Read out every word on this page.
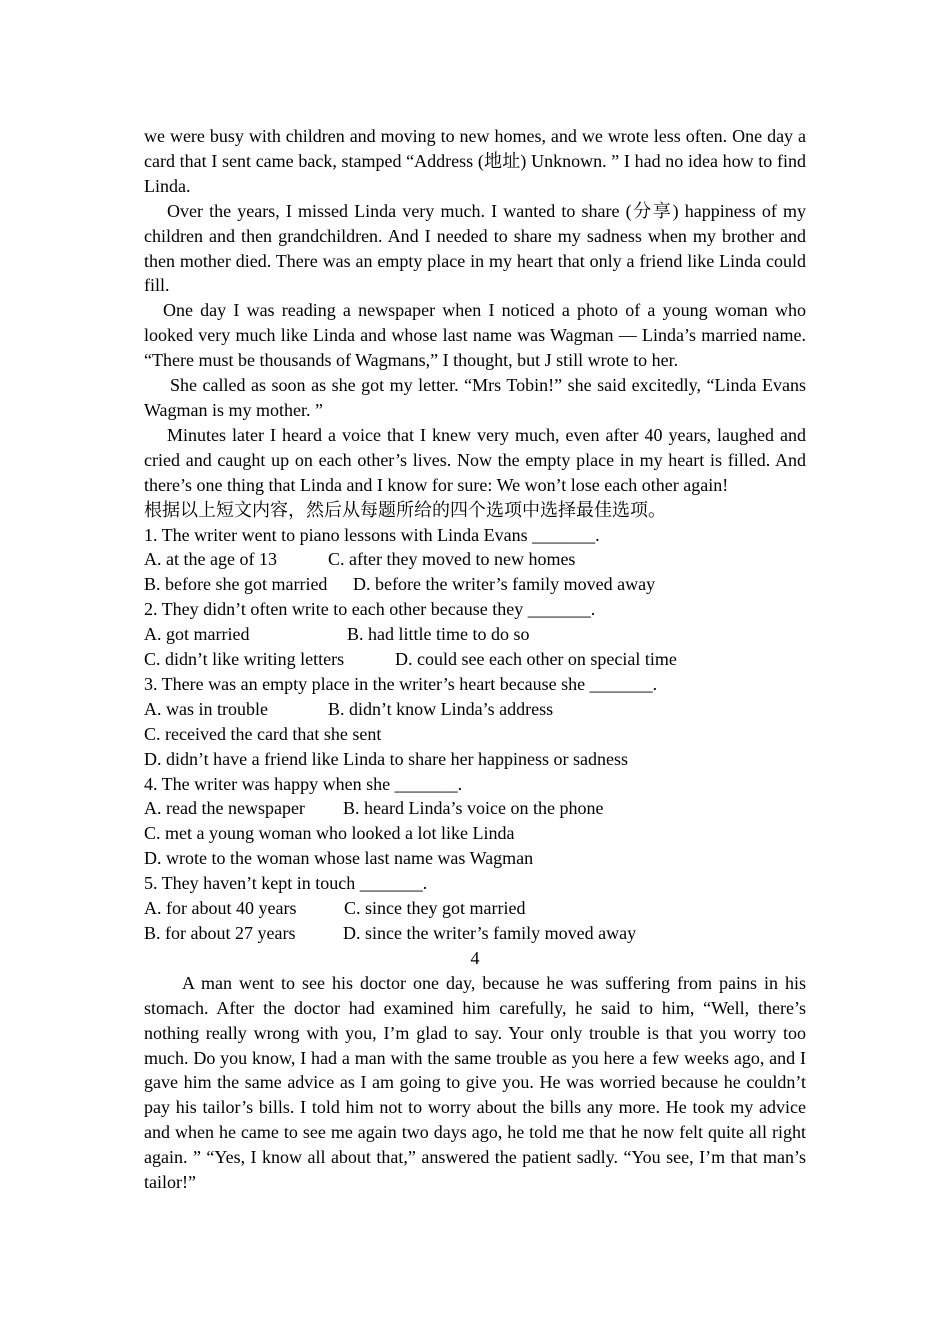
we were busy with children and moving to new homes, and we wrote less often. One day a card that I sent came back, stamped “Address (地址) Unknown. ” I had no idea how to find Linda.

Over the years, I missed Linda very much. I wanted to share (分享) happiness of my children and then grandchildren. And I needed to share my sadness when my brother and then mother died. There was an empty place in my heart that only a friend like Linda could fill.

One day I was reading a newspaper when I noticed a photo of a young woman who looked very much like Linda and whose last name was Wagman — Linda’s married name. “There must be thousands of Wagmans,” I thought, but J still wrote to her.

She called as soon as she got my letter. “Mrs Tobin!” she said excitedly, “Linda Evans Wagman is my mother. ”

Minutes later I heard a voice that I knew very much, even after 40 years, laughed and cried and caught up on each other’s lives. Now the empty place in my heart is filled. And there’s one thing that Linda and I know for sure: We won’t lose each other again!

根据以上短文内容，然后从每题所给的四个选项中选择最佳选项。

1. The writer went to piano lessons with Linda Evans _______.

A. at the age of 13	C. after they moved to new homes

B. before she got married D. before the writer’s family moved away

2. They didn’t often write to each other because they _______.

A. got married	B. had little time to do so

C. didn’t like writing letters	D. could see each other on special time

3. There was an empty place in the writer’s heart because she _______.

A. was in trouble	B. didn’t know Linda’s address

C. received the card that she sent

D. didn’t have a friend like Linda to share her happiness or sadness

4. The writer was happy when she _______.

A. read the newspaper B. heard Linda’s voice on the phone

C. met a young woman who looked a lot like Linda

D. wrote to the woman whose last name was Wagman

5. They haven’t kept in touch _______.

A. for about 40 years	C. since they got married

B. for about 27 years	D. since the writer’s family moved away

4

A man went to see his doctor one day, because he was suffering from pains in his stomach. After the doctor had examined him carefully, he said to him, “Well, there’s nothing really wrong with you, I’m glad to say. Your only trouble is that you worry too much. Do you know, I had a man with the same trouble as you here a few weeks ago, and I gave him the same advice as I am going to give you. He was worried because he couldn’t pay his tailor’s bills. I told him not to worry about the bills any more. He took my advice and when he came to see me again two days ago, he told me that he now felt quite all right again. ” “Yes, I know all about that,” answered the patient sadly. “You see, I’m that man’s tailor!”
